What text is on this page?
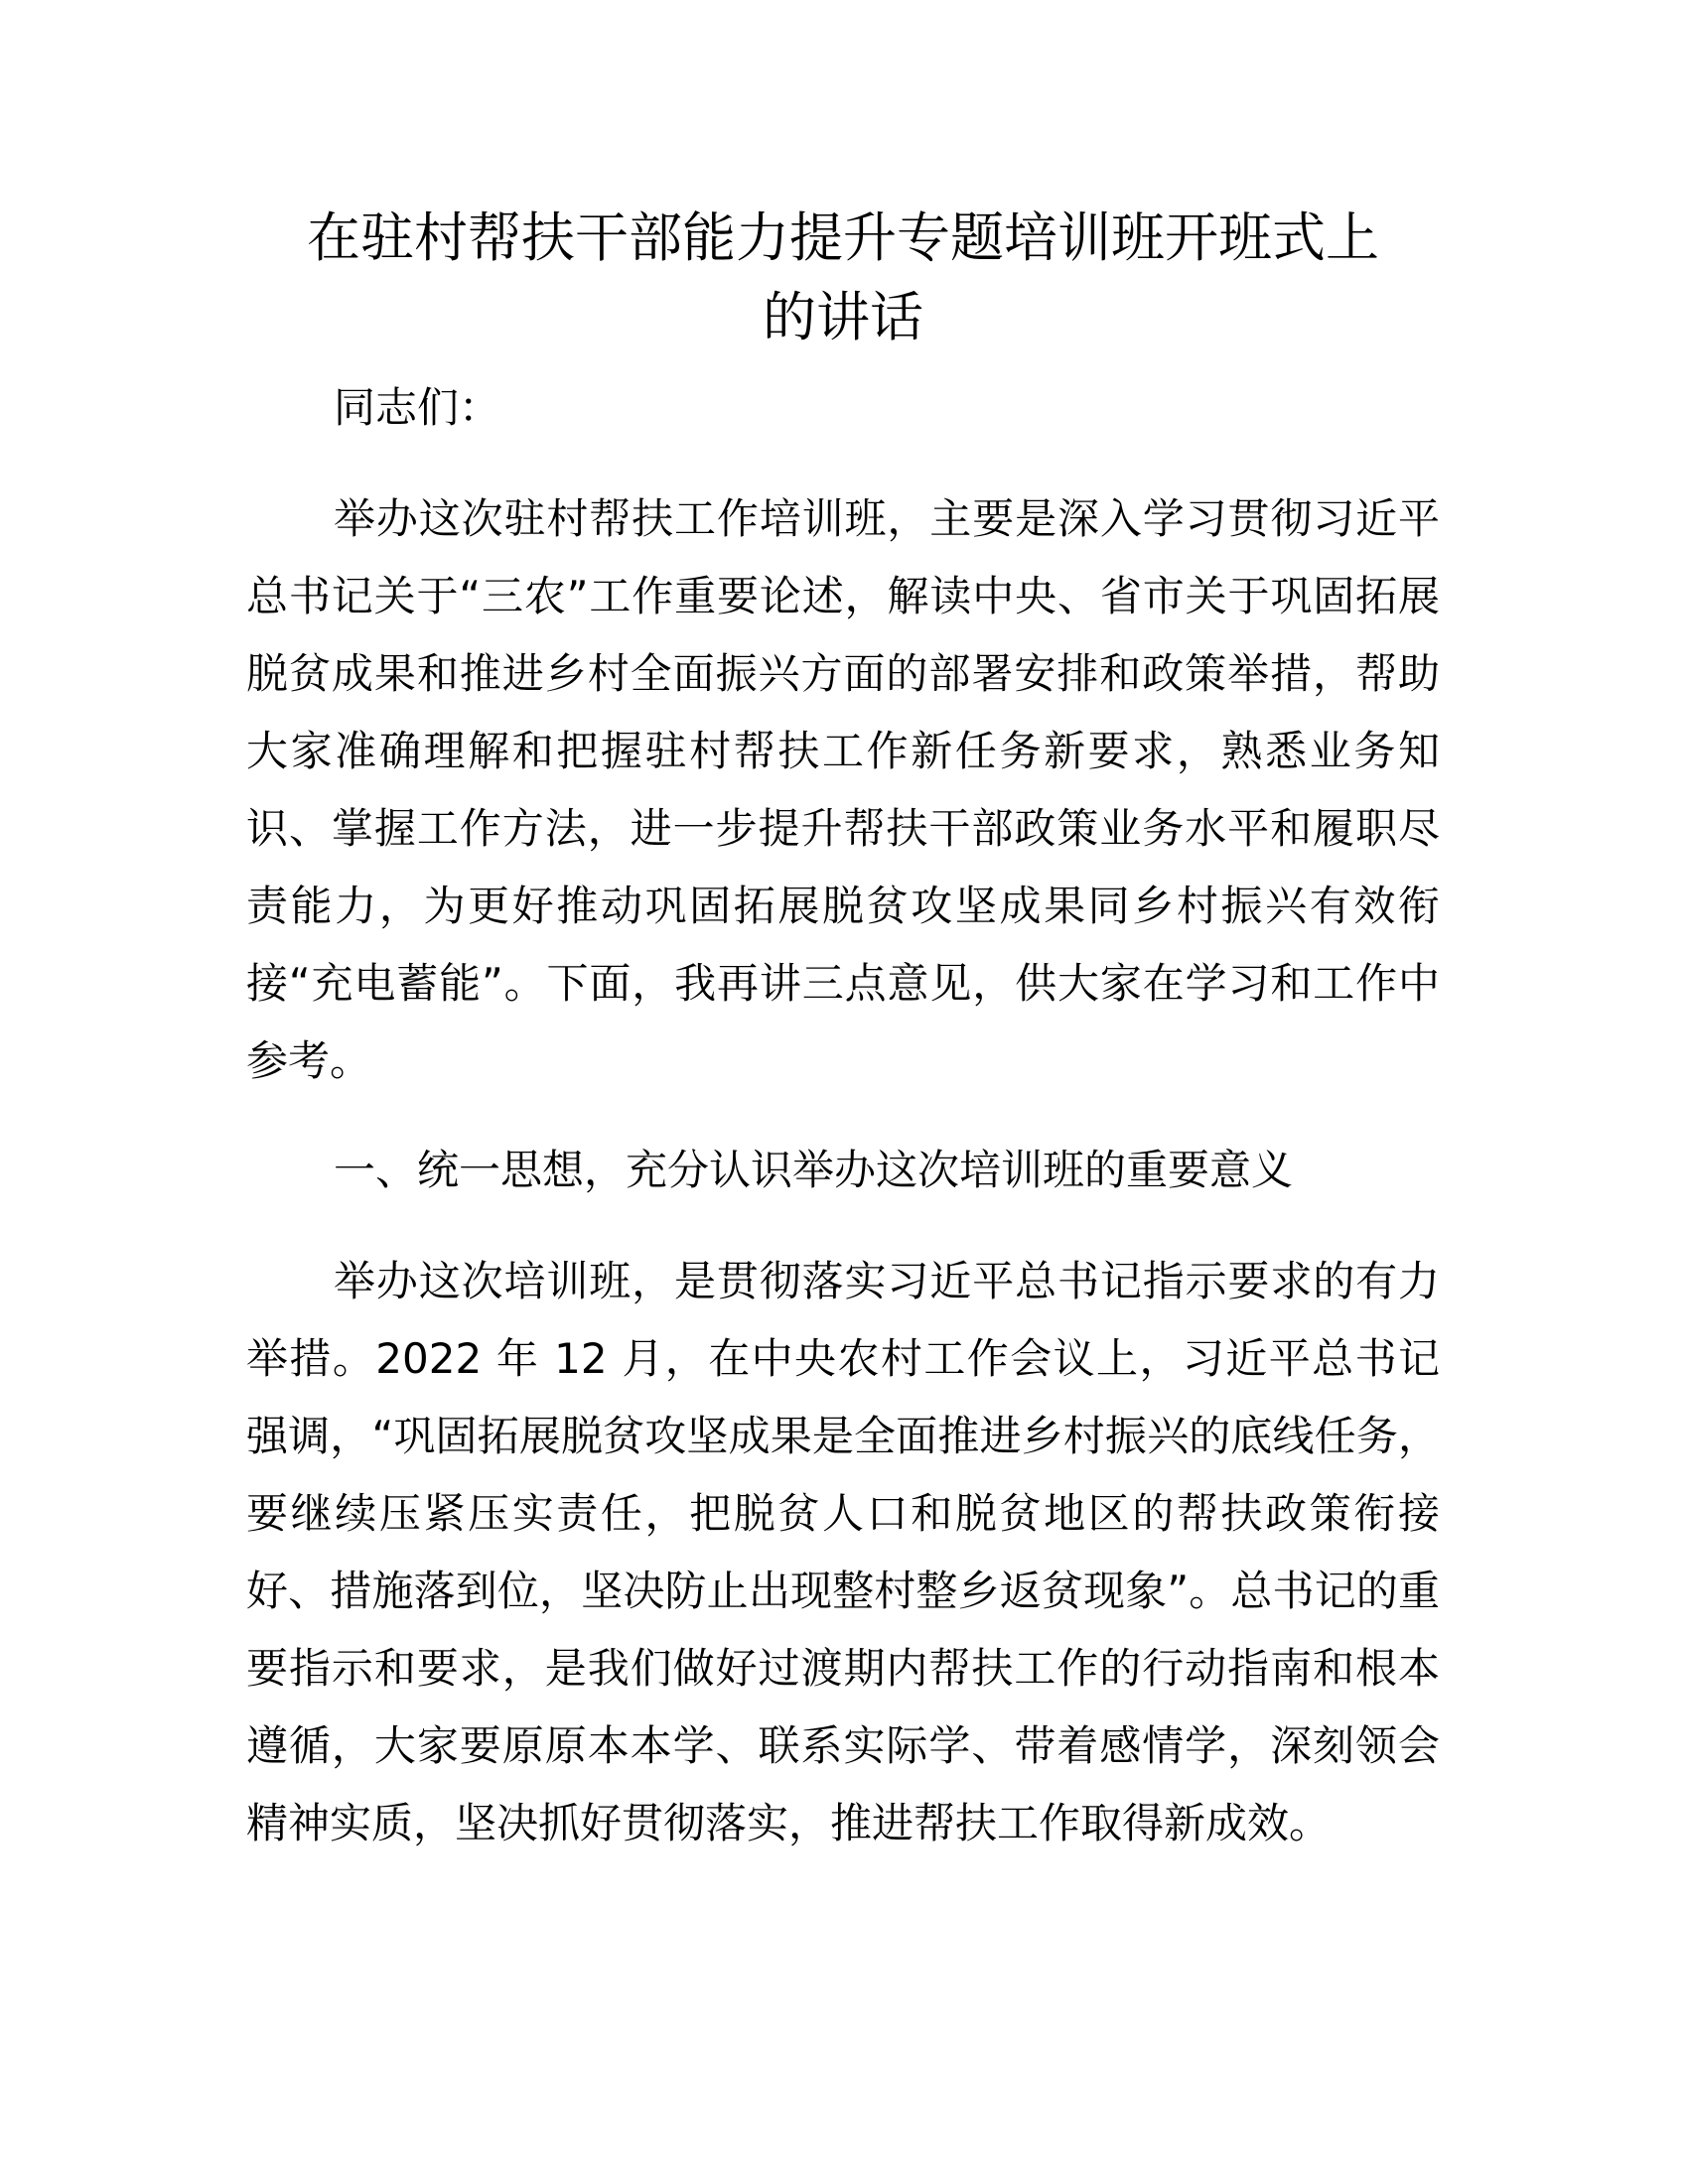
在驻村帮扶干部能力提升专题培训班开班式上
的讲话

同志们：

举办这次驻村帮扶工作培训班，主要是深入学习贯彻习近平总书记关于“三农”工作重要论述，解读中央、省市关于巩固拓展脱贫成果和推进乡村全面振兴方面的部署安排和政策举措，帮助大家准确理解和把握驻村帮扶工作新任务新要求，熟悉业务知识、掌握工作方法，进一步提升帮扶干部政策业务水平和履职尽责能力，为更好推动巩固拓展脱贫攻坚成果同乡村振兴有效衔接“充电蓄能”。下面，我再讲三点意见，供大家在学习和工作中参考。

一、统一思想，充分认识举办这次培训班的重要意义

举办这次培训班，是贯彻落实习近平总书记指示要求的有力举措。2022 年 12 月，在中央农村工作会议上，习近平总书记强调，“巩固拓展脱贫攻坚成果是全面推进乡村振兴的底线任务，要继续压紧压实责任，把脱贫人口和脱贫地区的帮扶政策衔接好、措施落到位，坚决防止出现整村整乡返贫现象”。总书记的重要指示和要求，是我们做好过渡期内帮扶工作的行动指南和根本遵循，大家要原原本本学、联系实际学、带着感情学，深刻领会精神实质，坚决抓好贯彻落实，推进帮扶工作取得新成效。
